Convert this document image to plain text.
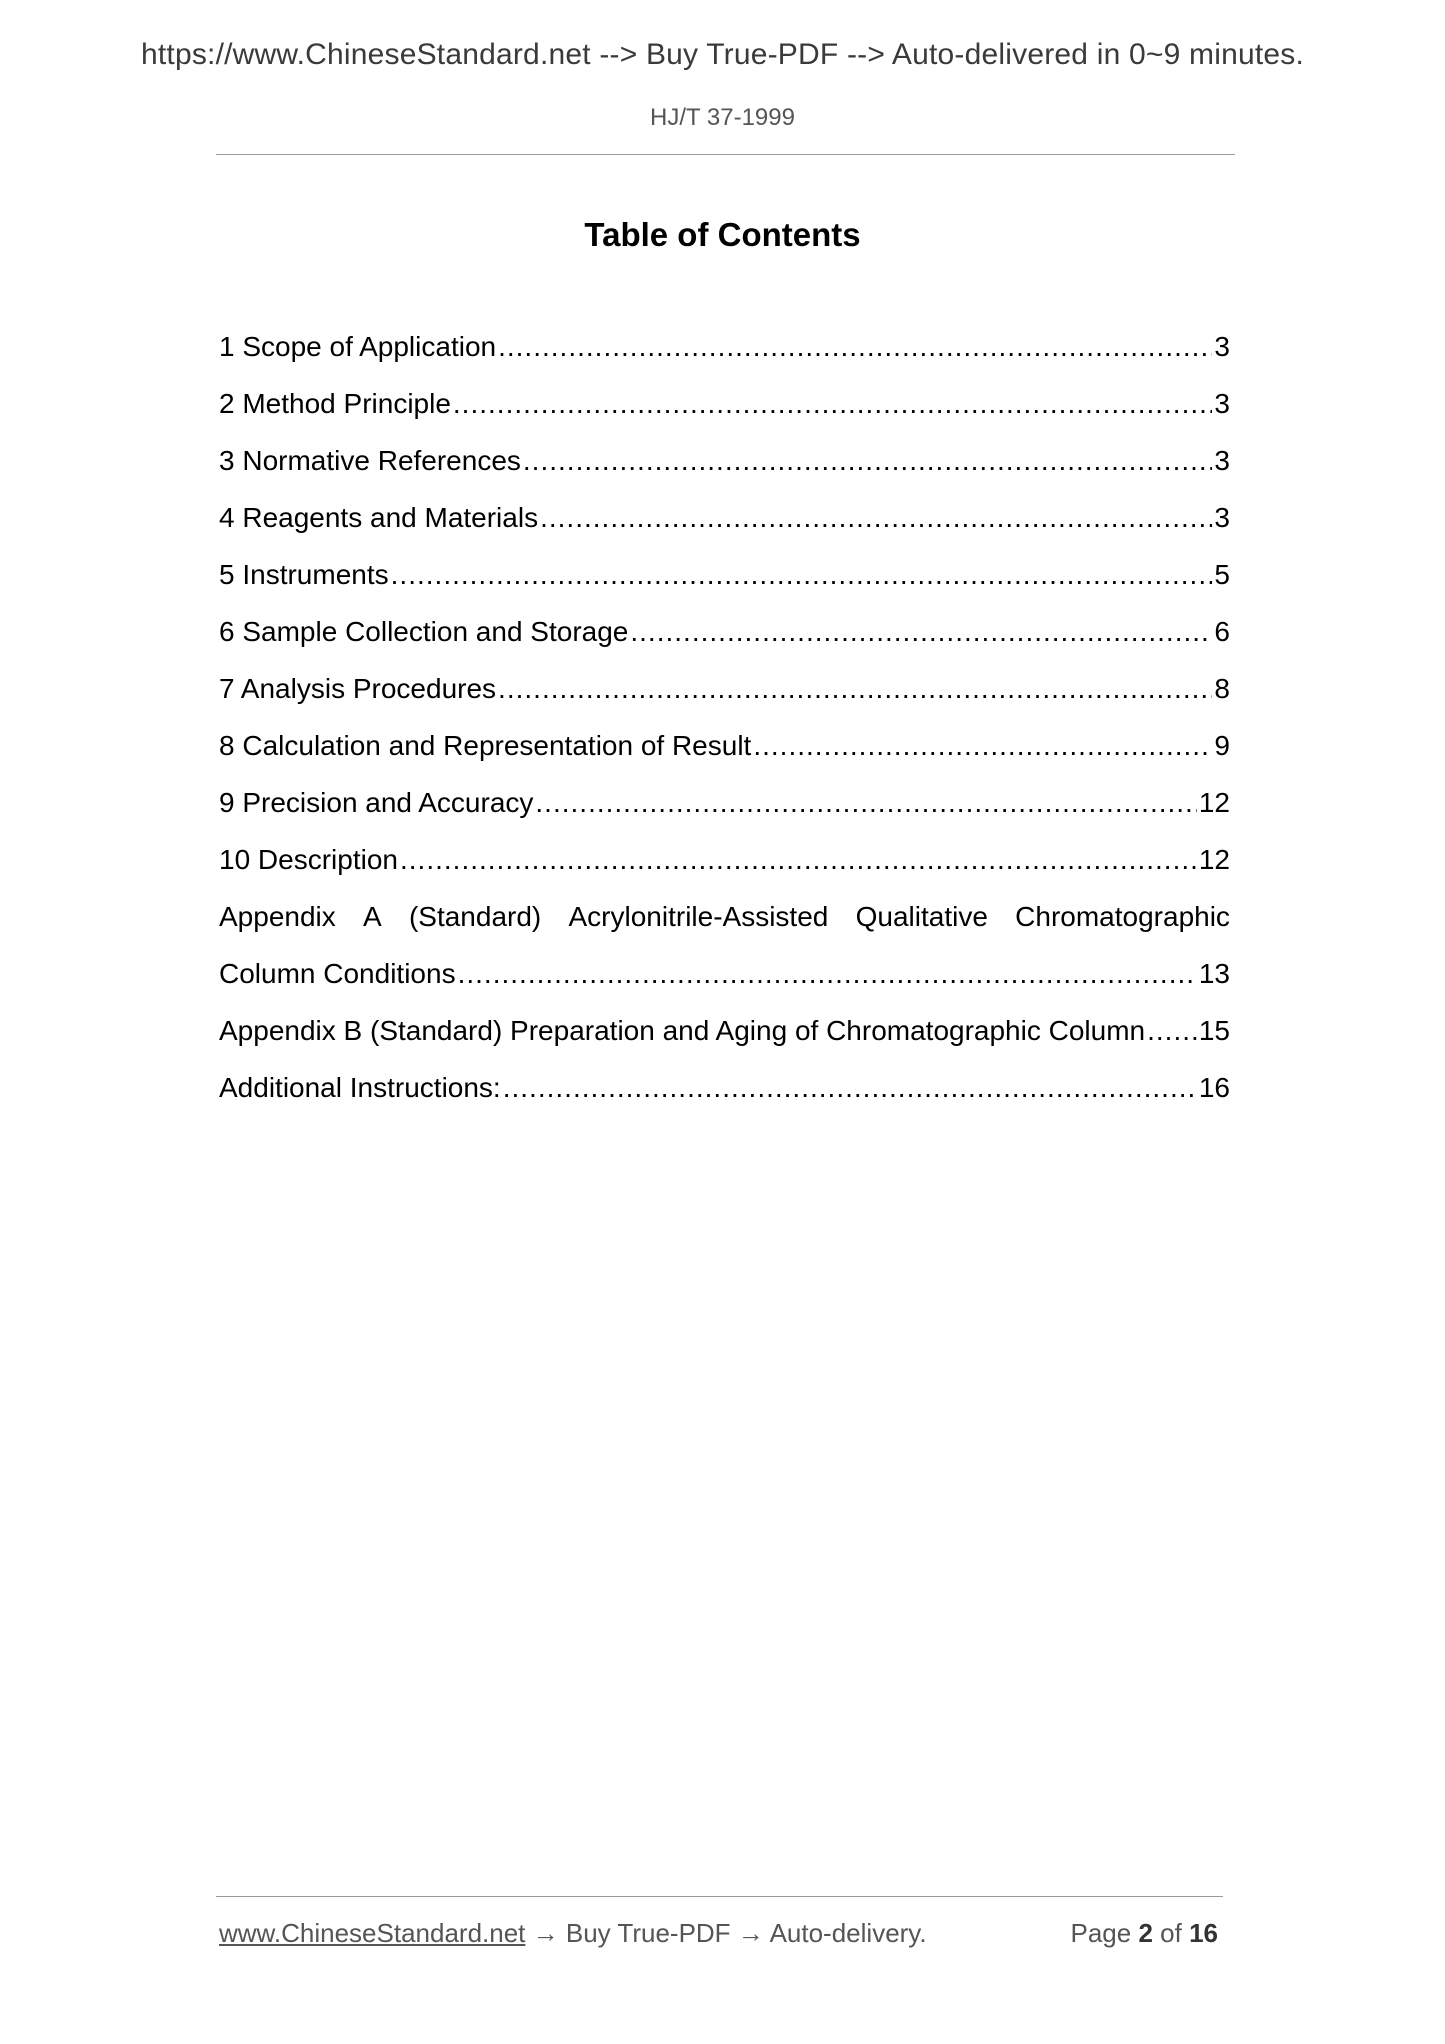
https://www.ChineseStandard.net --> Buy True-PDF --> Auto-delivered in 0~9 minutes.
HJ/T 37-1999
Table of Contents
1 Scope of Application .....	3
2 Method Principle .....	3
3 Normative References .....	3
4 Reagents and Materials .....	3
5 Instruments .....	5
6 Sample Collection and Storage .....	6
7 Analysis Procedures .....	8
8 Calculation and Representation of Result .....	9
9 Precision and Accuracy .....	12
10 Description .....	12
Appendix A (Standard) Acrylonitrile-Assisted Qualitative Chromatographic
Column Conditions .....	13
Appendix B (Standard) Preparation and Aging of Chromatographic Column ..... 15
Additional Instructions: .....	16
www.ChineseStandard.net → Buy True-PDF → Auto-delivery.	Page 2 of 16
